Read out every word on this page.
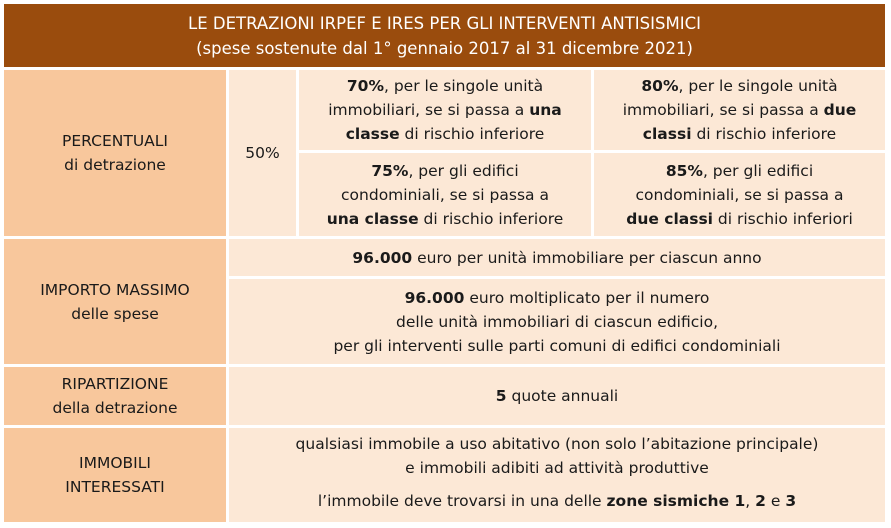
LE DETRAZIONI IRPEF E IRES PER GLI INTERVENTI ANTISISMICI
(spese sostenute dal 1° gennaio 2017 al 31 dicembre 2021)
PERCENTUALI
di detrazione
50%
70%, per le singole unità
immobiliari, se si passa a una
classe di rischio inferiore
80%, per le singole unità
immobiliari, se si passa a due
classi di rischio inferiore
75%, per gli edifici
condominiali, se si passa a
una classe di rischio inferiore
85%, per gli edifici
condominiali, se si passa a
due classi di rischio inferiori
IMPORTO MASSIMO
delle spese
96.000 euro per unità immobiliare per ciascun anno
96.000 euro moltiplicato per il numero
delle unità immobiliari di ciascun edificio,
per gli interventi sulle parti comuni di edifici condominiali
RIPARTIZIONE
della detrazione
5 quote annuali
IMMOBILI
INTERESSATI
qualsiasi immobile a uso abitativo (non solo l’abitazione principale)
e immobili adibiti ad attività produttive
l’immobile deve trovarsi in una delle zone sismiche 1, 2 e 3
